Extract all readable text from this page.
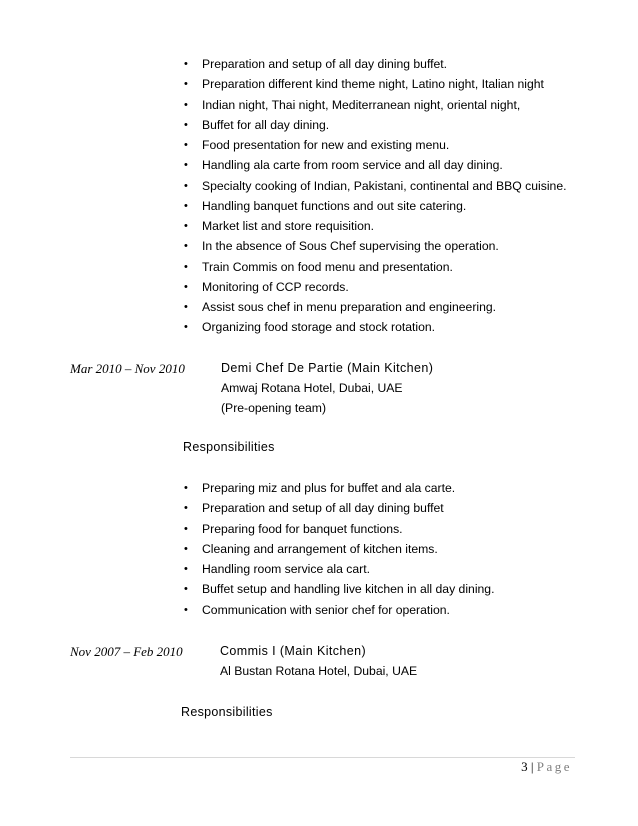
• Preparation and setup of all day dining buffet.
• Preparation different kind theme night, Latino night, Italian night
• Indian night, Thai night, Mediterranean night, oriental night,
• Buffet for all day dining.
• Food presentation for new and existing menu.
• Handling ala carte from room service and all day dining.
• Specialty cooking of Indian, Pakistani, continental and BBQ cuisine.
• Handling banquet functions and out site catering.
• Market list and store requisition.
• In the absence of Sous Chef supervising the operation.
• Train Commis on food menu and presentation.
• Monitoring of CCP records.
• Assist sous chef in menu preparation and engineering.
• Organizing food storage and stock rotation.
Mar 2010 – Nov 2010	Demi Chef De Partie (Main Kitchen)
Amwaj Rotana Hotel, Dubai, UAE
(Pre-opening team)
Responsibilities
• Preparing miz and plus for buffet and ala carte.
• Preparation and setup of all day dining buffet
• Preparing food for banquet functions.
• Cleaning and arrangement of kitchen items.
• Handling room service ala cart.
• Buffet setup and handling live kitchen in all day dining.
• Communication with senior chef for operation.
Nov 2007 – Feb 2010	Commis I (Main Kitchen)
Al Bustan Rotana Hotel, Dubai, UAE
Responsibilities
3 | Page
